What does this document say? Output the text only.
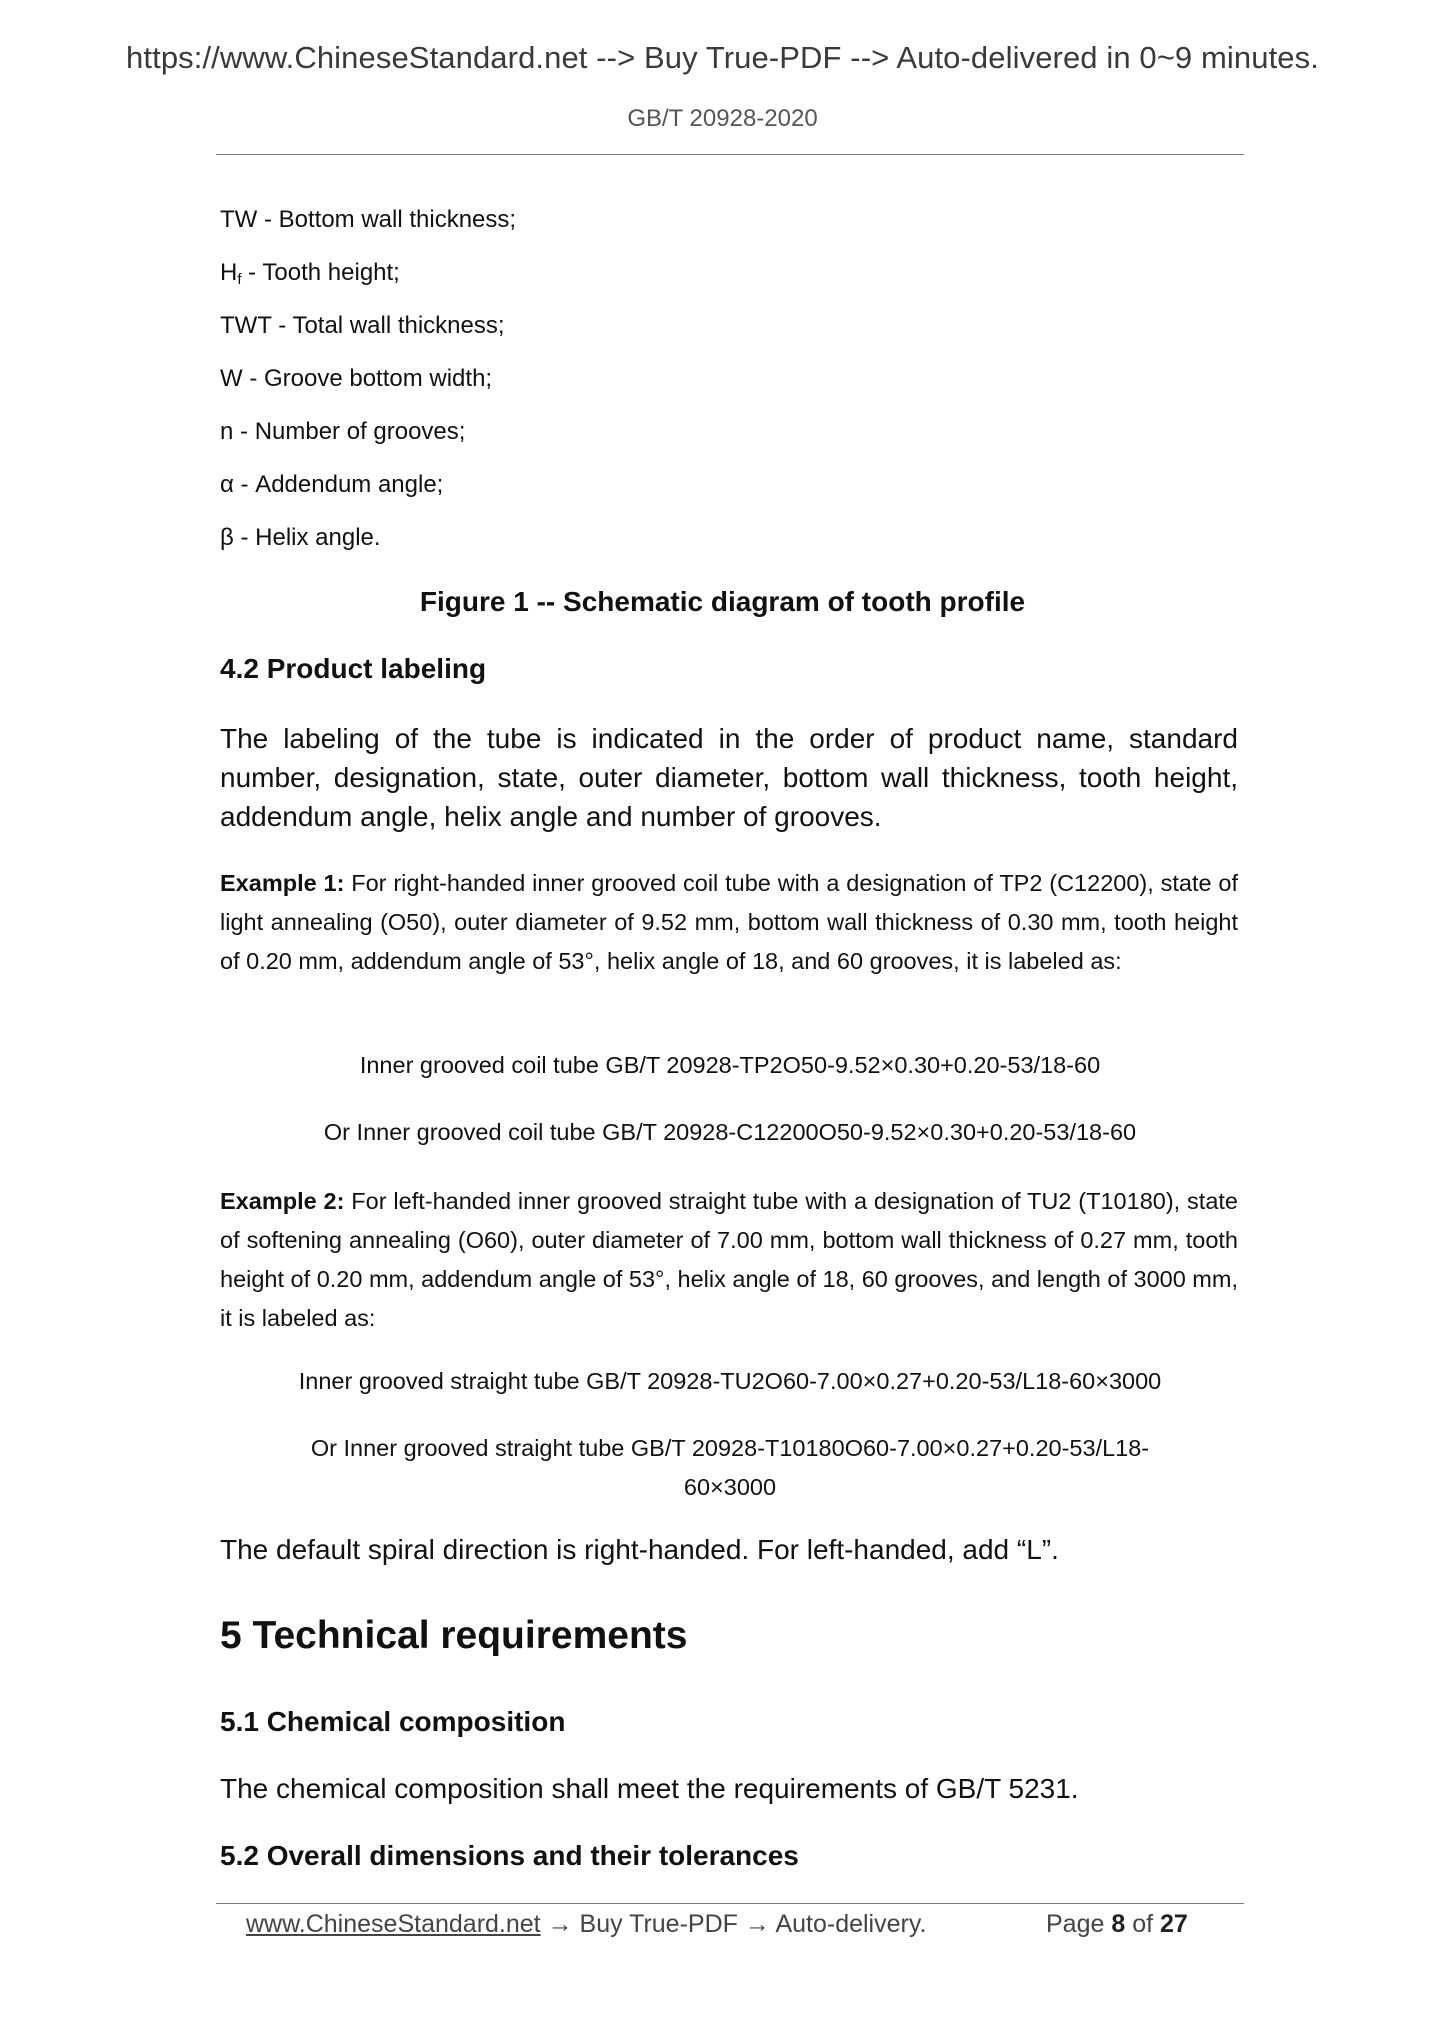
https://www.ChineseStandard.net --> Buy True-PDF --> Auto-delivered in 0~9 minutes.
GB/T 20928-2020
TW - Bottom wall thickness;
$H_f$ - Tooth height;
TWT - Total wall thickness;
W - Groove bottom width;
n - Number of grooves;
α - Addendum angle;
β - Helix angle.
Figure 1 -- Schematic diagram of tooth profile
4.2 Product labeling
The labeling of the tube is indicated in the order of product name, standard number, designation, state, outer diameter, bottom wall thickness, tooth height, addendum angle, helix angle and number of grooves.
Example 1: For right-handed inner grooved coil tube with a designation of TP2 (C12200), state of light annealing (O50), outer diameter of 9.52 mm, bottom wall thickness of 0.30 mm, tooth height of 0.20 mm, addendum angle of 53°, helix angle of 18, and 60 grooves, it is labeled as:
Inner grooved coil tube GB/T 20928-TP2O50-9.52×0.30+0.20-53/18-60
Or Inner grooved coil tube GB/T 20928-C12200O50-9.52×0.30+0.20-53/18-60
Example 2: For left-handed inner grooved straight tube with a designation of TU2 (T10180), state of softening annealing (O60), outer diameter of 7.00 mm, bottom wall thickness of 0.27 mm, tooth height of 0.20 mm, addendum angle of 53°, helix angle of 18, 60 grooves, and length of 3000 mm, it is labeled as:
Inner grooved straight tube GB/T 20928-TU2O60-7.00×0.27+0.20-53/L18-60×3000
Or Inner grooved straight tube GB/T 20928-T10180O60-7.00×0.27+0.20-53/L18-
60×3000
The default spiral direction is right-handed. For left-handed, add “L”.
5 Technical requirements
5.1 Chemical composition
The chemical composition shall meet the requirements of GB/T 5231.
5.2 Overall dimensions and their tolerances
www.ChineseStandard.net → Buy True-PDF → Auto-delivery.	Page 8 of 27
